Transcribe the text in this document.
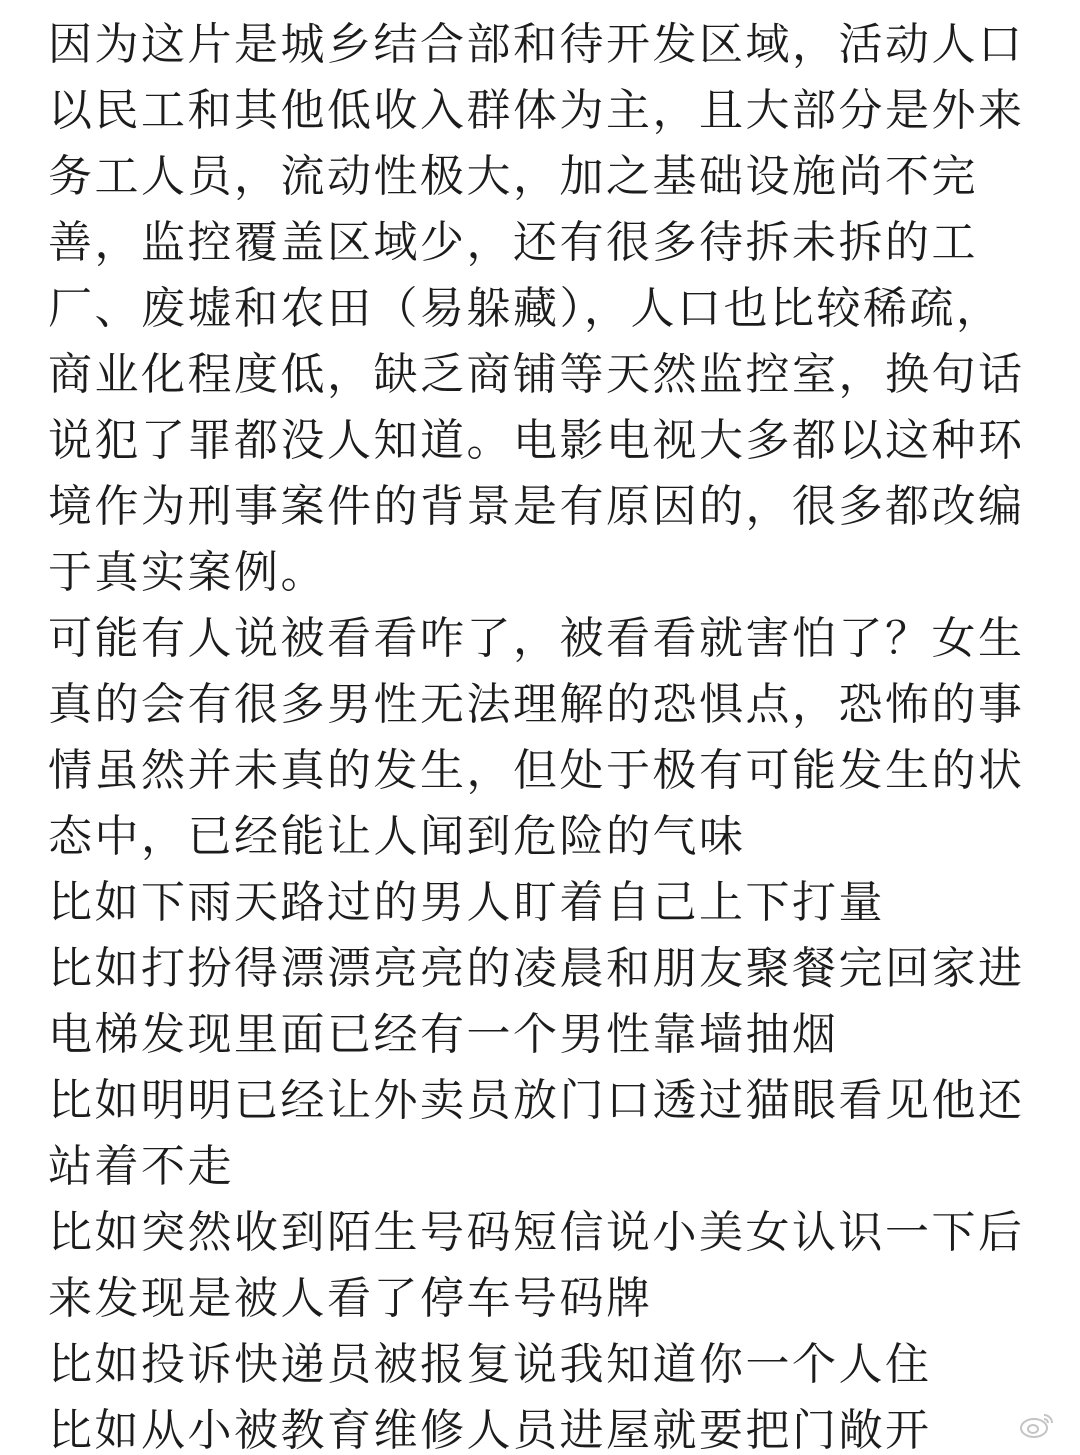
因为这片是城乡结合部和待开发区域，活动人口
以民工和其他低收入群体为主，且大部分是外来
务工人员，流动性极大，加之基础设施尚不完
善，监控覆盖区域少，还有很多待拆未拆的工
厂、废墟和农田（易躲藏），人口也比较稀疏，
商业化程度低，缺乏商铺等天然监控室，换句话
说犯了罪都没人知道。电影电视大多都以这种环
境作为刑事案件的背景是有原因的，很多都改编
于真实案例。
可能有人说被看看咋了，被看看就害怕了？女生
真的会有很多男性无法理解的恐惧点，恐怖的事
情虽然并未真的发生，但处于极有可能发生的状
态中，已经能让人闻到危险的气味
比如下雨天路过的男人盯着自己上下打量
比如打扮得漂漂亮亮的凌晨和朋友聚餐完回家进
电梯发现里面已经有一个男性靠墙抽烟
比如明明已经让外卖员放门口透过猫眼看见他还
站着不走
比如突然收到陌生号码短信说小美女认识一下后
来发现是被人看了停车号码牌
比如投诉快递员被报复说我知道你一个人住
比如从小被教育维修人员进屋就要把门敞开
